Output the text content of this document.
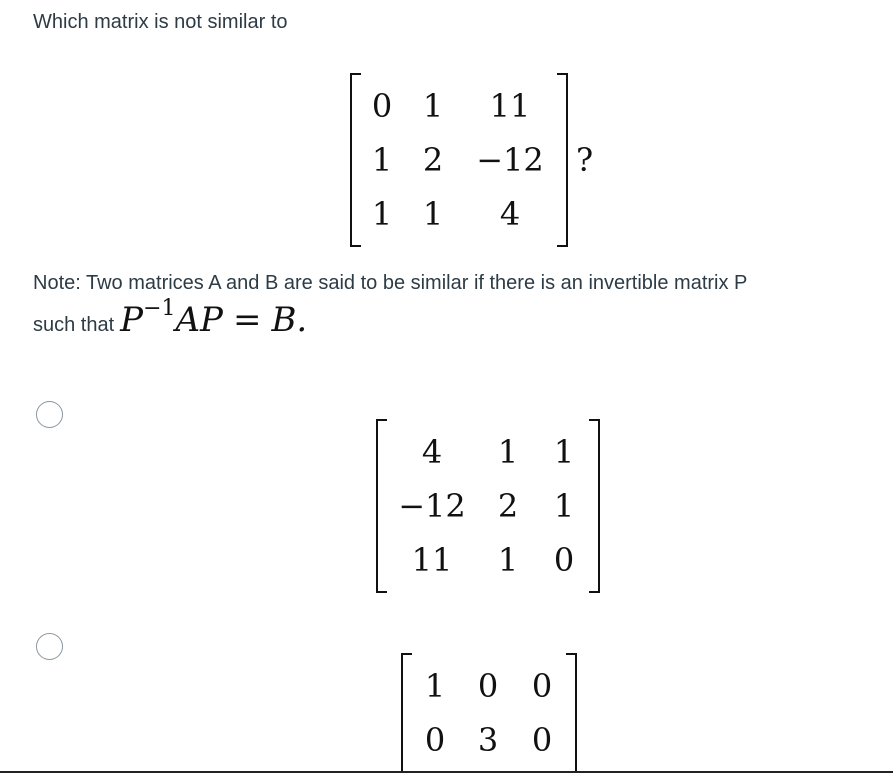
Which matrix is not similar to

0 1	11
1 2	−12
1 1	4
?

Note: Two matrices A and B are said to be similar if there is an invertible matrix P

such that $P^{-1}AP = B$.
4	1	1
−12	2	1
11	1	0
1	0	0
0	3	0
